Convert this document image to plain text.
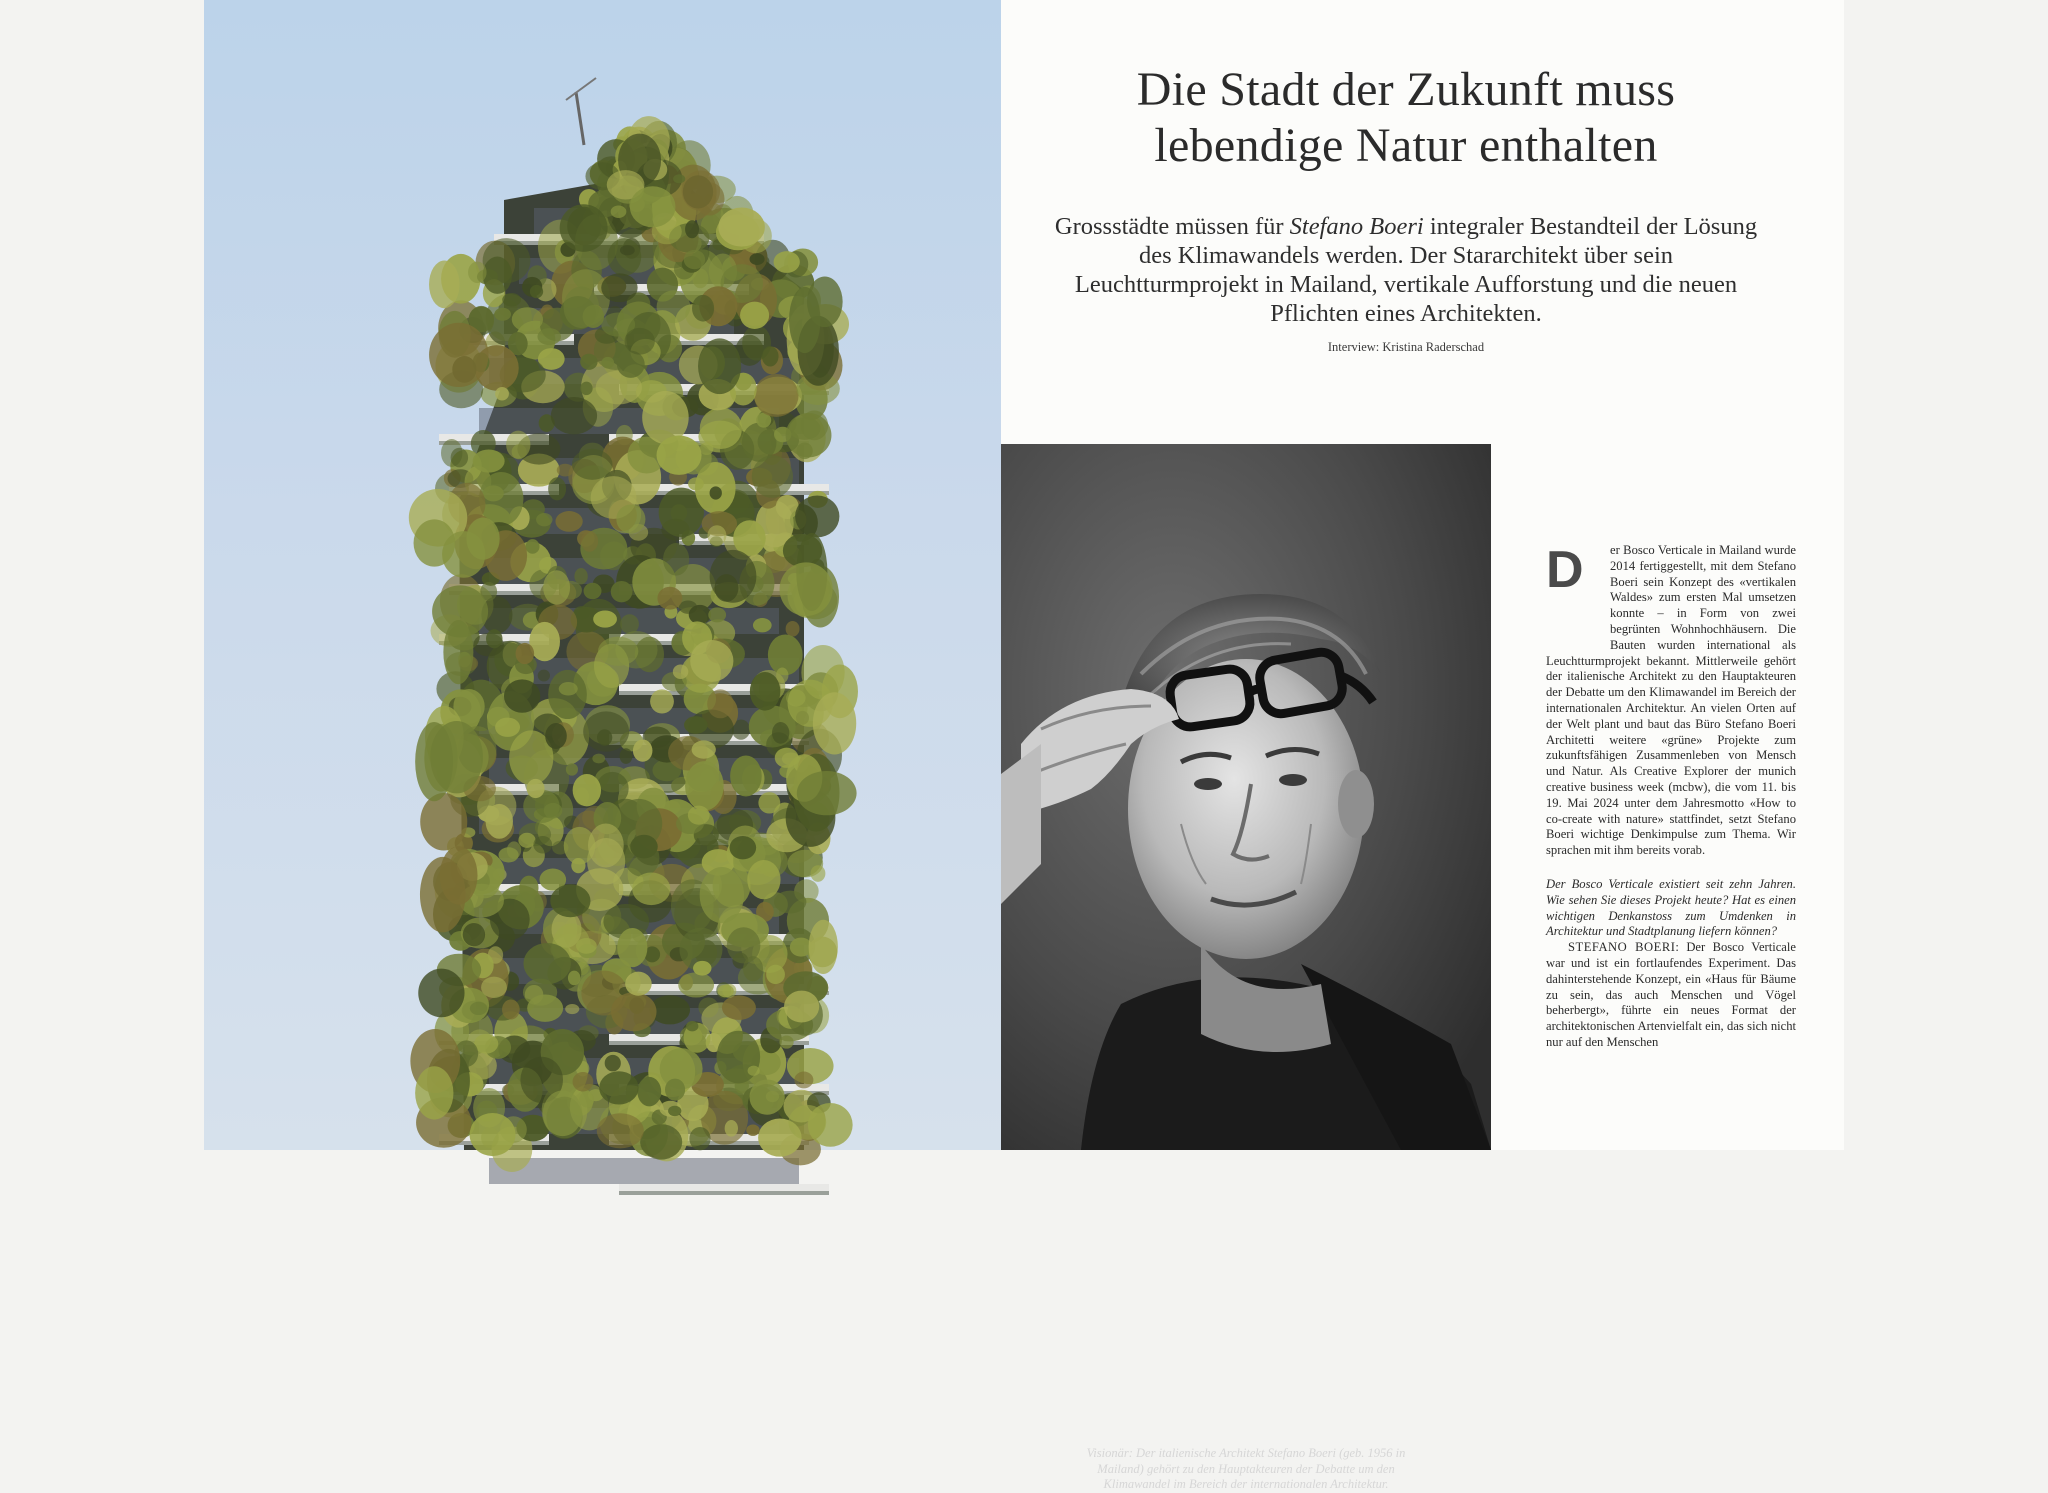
Die Stadt der Zukunft muss
lebendige Natur enthalten

Grossstädte müssen für Stefano Boeri integraler Bestandteil der Lösung des Klimawandels werden. Der Stararchitekt über sein Leuchtturmprojekt in Mailand, vertikale Aufforstung und die neuen Pflichten eines Architekten.

Interview: Kristina Raderschad
Visionär: Der italienische Architekt Stefano Boeri (geb. 1956 in Mailand) gehört zu den Hauptakteuren der Debatte um den Klimawandel im Bereich der internationalen Architektur.
D	er Bosco Verticale in Mailand wurde 2014 fertiggestellt, mit dem Stefano Boeri sein Konzept des «vertikalen Waldes» zum ersten Mal umsetzen konnte – in Form von zwei begrünten Wohnhochhäusern. Die Bauten wurden international als Leuchtturmprojekt bekannt. Mittlerweile gehört der italienische Architekt zu den Hauptakteuren der Debatte um den Klimawandel im Bereich der internationalen Architektur. An vielen Orten auf der Welt plant und baut das Büro Stefano Boeri Architetti weitere «grüne» Projekte zum zukunftsfähigen Zusammenleben von Mensch und Natur. Als Creative Explorer der munich creative business week (mcbw), die vom 11. bis 19. Mai 2024 unter dem Jahresmotto «How to co-create with nature» stattfindet, setzt Stefano Boeri wichtige Denkimpulse zum Thema. Wir sprachen mit ihm bereits vorab.

Der Bosco Verticale existiert seit zehn Jahren. Wie sehen Sie dieses Projekt heute? Hat es einen wichtigen Denkanstoss zum Umdenken in Architektur und Stadtplanung liefern können?

STEFANO BOERI: Der Bosco Verticale war und ist ein fortlaufendes Experiment. Das dahinterstehende Konzept, ein «Haus für Bäume zu sein, das auch Menschen und Vögel beherbergt», führte ein neues Format der architektonischen Artenvielfalt ein, das sich nicht nur auf den Menschen
